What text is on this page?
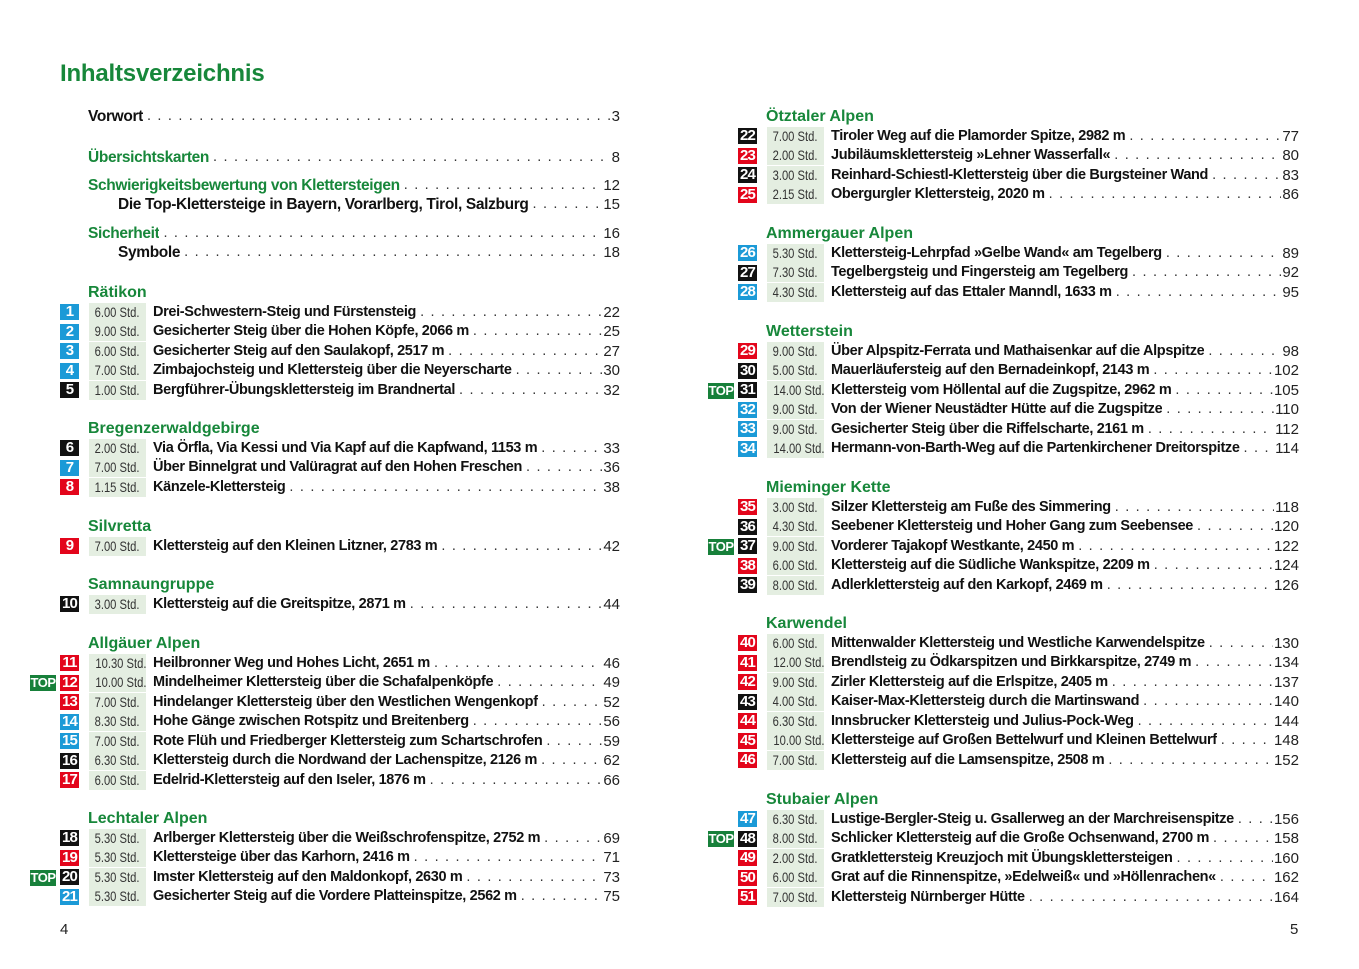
Inhaltsverzeichnis
4	5
Vorwort . . .	3
Übersichtskarten . . .	8
Schwierigkeitsbewertung von Klettersteigen . . .	12
Die Top-Klettersteige in Bayern, Vorarlberg, Tirol, Salzburg . . .	15
Sicherheit . . .	16
Symbole . . .	18
Rätikon
1	6.00 Std. Drei-Schwestern-Steig und Fürstensteig . . .	22
2	9.00 Std. Gesicherter Steig über die Hohen Köpfe, 2066 m . . .	25
3	6.00 Std. Gesicherter Steig auf den Saulakopf, 2517 m . . .	27
4	7.00 Std. Zimbajochsteig und Klettersteig über die Neyerscharte . . .	30
5	1.00 Std. Bergführer-Übungsklettersteig im Brandnertal . . .	32
Bregenzerwaldgebirge
6	2.00 Std. Via Örfla, Via Kessi und Via Kapf auf die Kapfwand, 1153 m . . .	33
7	7.00 Std. Über Binnelgrat und Valüragrat auf den Hohen Freschen . . .	36
8	1.15 Std. Känzele-Klettersteig . . .	38
Silvretta
9	7.00 Std. Klettersteig auf den Kleinen Litzner, 2783 m . . .	42
Samnaungruppe
10	3.00 Std. Klettersteig auf die Greitspitze, 2871 m . . .	44
Allgäuer Alpen
11	10.30 Std. Heilbronner Weg und Hohes Licht, 2651 m . . .	46
TOP 12	10.00 Std. Mindelheimer Klettersteig über die Schafalpenköpfe . . .	49
13	7.00 Std. Hindelanger Klettersteig über den Westlichen Wengenkopf . . .	52
14	8.30 Std. Hohe Gänge zwischen Rotspitz und Breitenberg . . .	56
15	7.00 Std. Rote Flüh und Friedberger Klettersteig zum Schartschrofen . . .	59
16	6.30 Std. Klettersteig durch die Nordwand der Lachenspitze, 2126 m . . .	62
17	6.00 Std. Edelrid-Klettersteig auf den Iseler, 1876 m . . .	66
Lechtaler Alpen
18	5.30 Std. Arlberger Klettersteig über die Weißschrofenspitze, 2752 m . . .	69
19	5.30 Std. Klettersteige über das Karhorn, 2416 m . . .	71
TOP 20	5.30 Std. Imster Klettersteig auf den Maldonkopf, 2630 m . . .	73
21	5.30 Std. Gesicherter Steig auf die Vordere Platteinspitze, 2562 m . . .	75
Ötztaler Alpen
22	7.00 Std. Tiroler Weg auf die Plamorder Spitze, 2982 m . . .	77
23	2.00 Std. Jubiläumsklettersteig »Lehner Wasserfall« . . .	80
24	3.00 Std. Reinhard-Schiestl-Klettersteig über die Burgsteiner Wand . . .	83
25	2.15 Std. Obergurgler Klettersteig, 2020 m . . .	86
Ammergauer Alpen
26	5.30 Std. Klettersteig-Lehrpfad »Gelbe Wand« am Tegelberg . . .	89
27	7.30 Std. Tegelbergsteig und Fingersteig am Tegelberg . . .	92
28	4.30 Std. Klettersteig auf das Ettaler Manndl, 1633 m . . .	95
Wetterstein
29	9.00 Std. Über Alpspitz-Ferrata und Mathaisenkar auf die Alpspitze . . .	98
30	5.00 Std. Mauerläufersteig auf den Bernadeinkopf, 2143 m . . .	102
TOP 31	14.00 Std. Klettersteig vom Höllental auf die Zugspitze, 2962 m . . .	105
32	9.00 Std. Von der Wiener Neustädter Hütte auf die Zugspitze . . .	110
33	9.00 Std. Gesicherter Steig über die Riffelscharte, 2161 m . . .	112
34	14.00 Std. Hermann-von-Barth-Weg auf die Partenkirchener Dreitorspitze . . . 114
Mieminger Kette
35	3.00 Std. Silzer Klettersteig am Fuße des Simmering . . .	118
36	4.30 Std. Seebener Klettersteig und Hoher Gang zum Seebensee . . .	120
TOP 37	9.00 Std. Vorderer Tajakopf Westkante, 2450 m . . .	122
38	6.00 Std. Klettersteig auf die Südliche Wankspitze, 2209 m . . .	124
39	8.00 Std. Adlerklettersteig auf den Karkopf, 2469 m . . .	126
Karwendel
40	6.00 Std. Mittenwalder Klettersteig und Westliche Karwendelspitze . . .	130
41	12.00 Std. Brendlsteig zu Ödkarspitzen und Birkkarspitze, 2749 m . . .	134
42	9.00 Std. Zirler Klettersteig auf die Erlspitze, 2405 m . . .	137
43	4.00 Std. Kaiser-Max-Klettersteig durch die Martinswand . . .	140
44	6.30 Std. Innsbrucker Klettersteig und Julius-Pock-Weg . . .	144
45	10.00 Std. Klettersteige auf Großen Bettelwurf und Kleinen Bettelwurf . . .	148
46	7.00 Std. Klettersteig auf die Lamsenspitze, 2508 m . . .	152
Stubaier Alpen
47	6.30 Std. Lustige-Bergler-Steig u. Gsallerweg an der Marchreisenspitze . . .	156
TOP 48	8.00 Std. Schlicker Klettersteig auf die Große Ochsenwand, 2700 m . . .	158
49	2.00 Std. Gratklettersteig Kreuzjoch mit Übungsklettersteigen . . .	160
50	6.00 Std. Grat auf die Rinnenspitze, »Edelweiß« und »Höllenrachen« . . .	162
51	7.00 Std. Klettersteig Nürnberger Hütte . . .	164
